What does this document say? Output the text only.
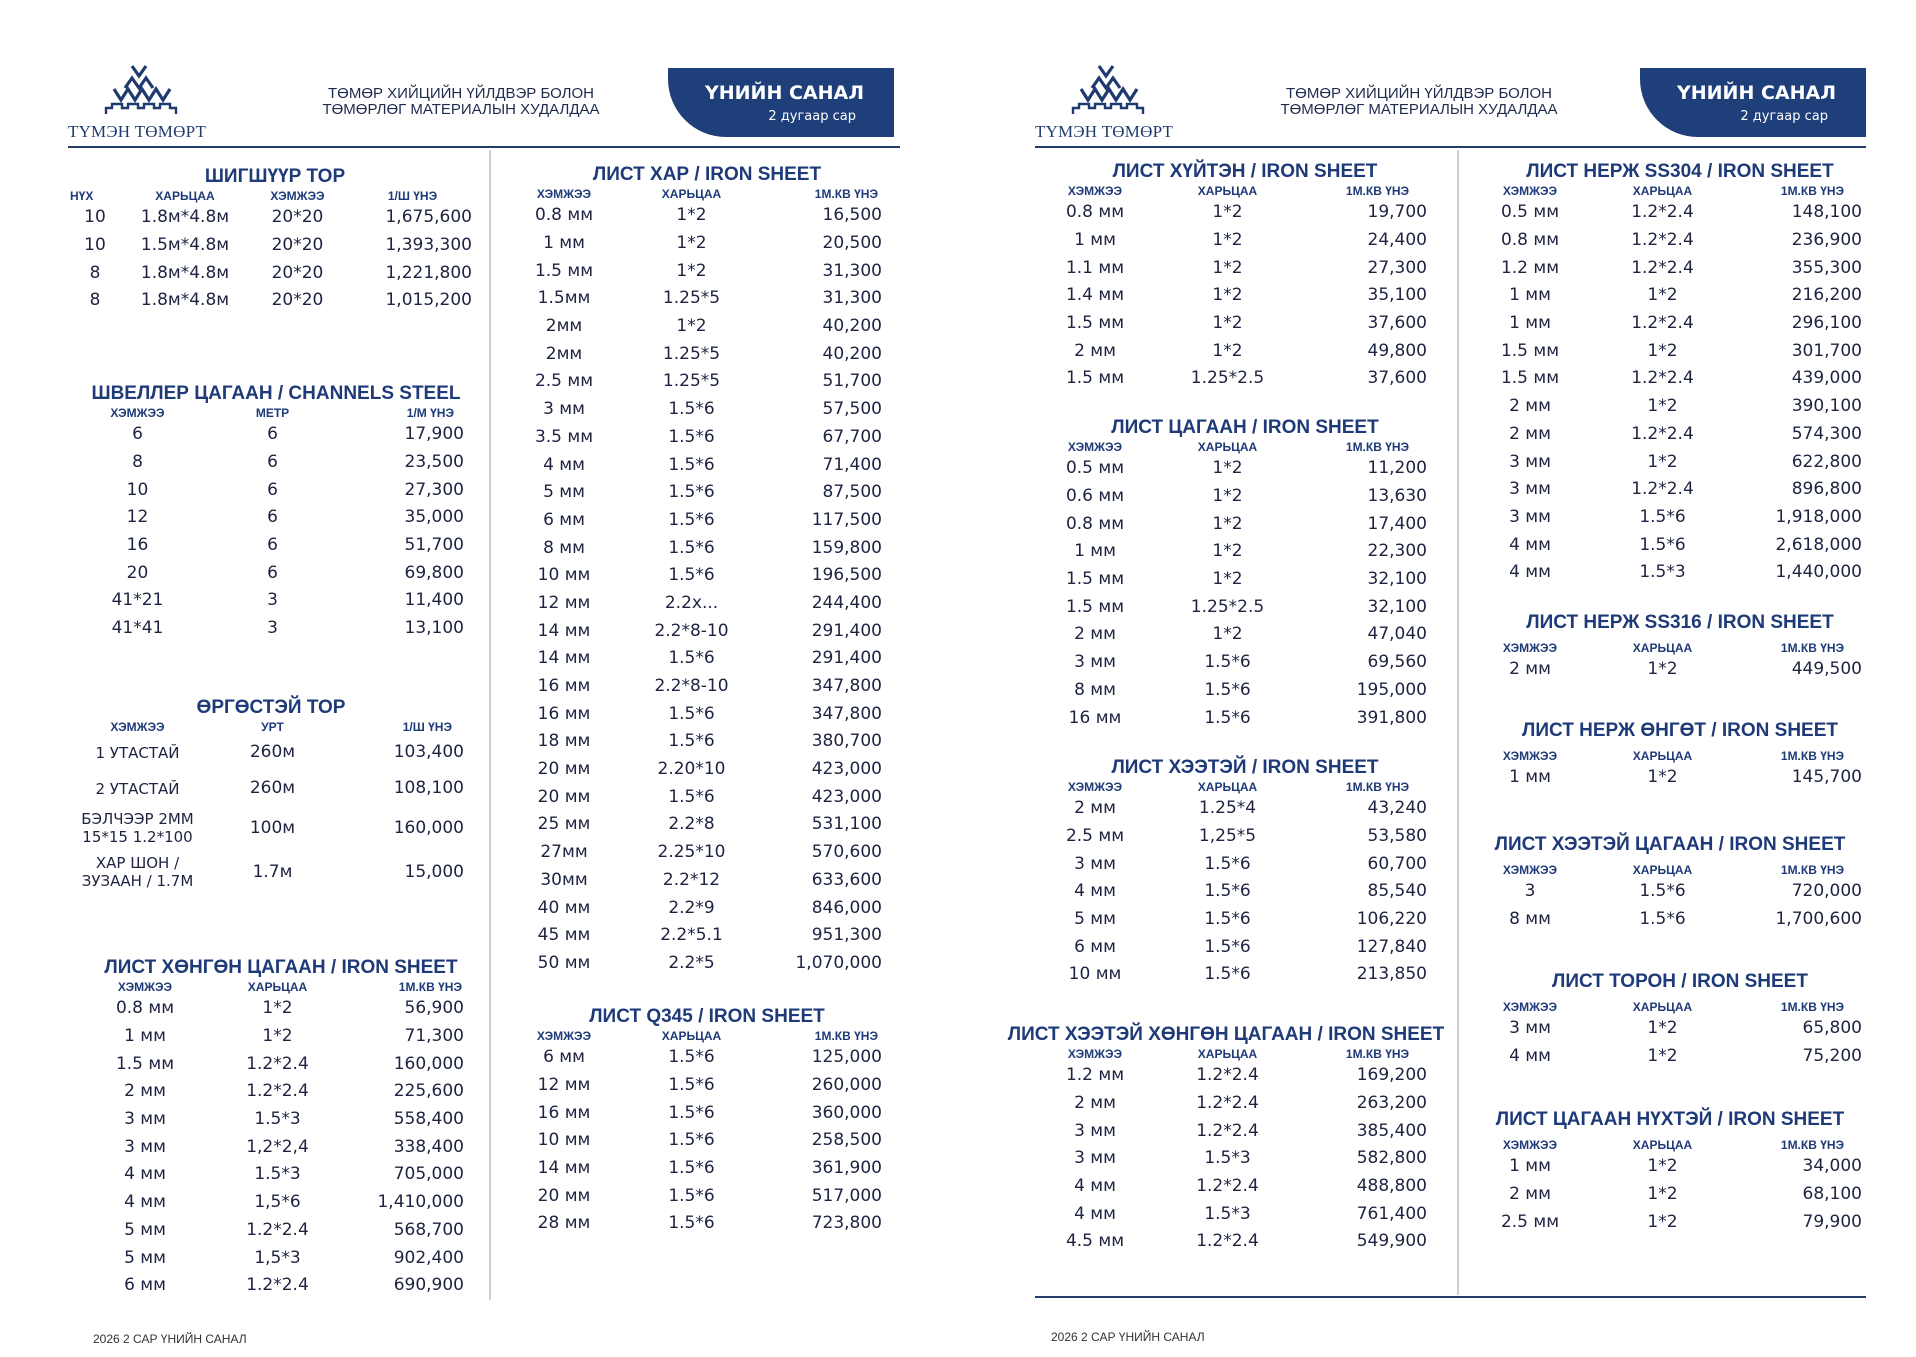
ТҮМЭН ТӨМӨРТ
ТӨМӨР ХИЙЦИЙН ҮЙЛДВЭР БОЛОН
ТӨМӨРЛӨГ МАТЕРИАЛЫН ХУДАЛДАА
ҮНИЙН САНАЛ
2 дугаар сар
ШИГШҮҮР ТОР
НҮХ	ХАРЬЦАА	ХЭМЖЭЭ	1/Ш ҮНЭ
10	1.8м*4.8м	20*20	1,675,600
10	1.5м*4.8м	20*20	1,393,300
8	1.8м*4.8м	20*20	1,221,800
8	1.8м*4.8м	20*20	1,015,200
ШВЕЛЛЕР ЦАГААН / CHANNELS STEEL
ХЭМЖЭЭ	МЕТР	1/М ҮНЭ
6	6	17,900
8	6	23,500
10	6	27,300
12	6	35,000
16	6	51,700
20	6	69,800
41*21	3	11,400
41*41	3	13,100
ӨРГӨСТЭЙ ТОР
ХЭМЖЭЭ	УРТ	1/Ш ҮНЭ
1 УТАСТАЙ	260м	103,400
2 УТАСТАЙ	260м	108,100
БЭЛЧЭЭР 2ММ 15*15 1.2*100	100м	160,000
ХАР ШОН / ЗУЗААН / 1.7М	1.7м	15,000
ЛИСТ ХӨНГӨН ЦАГААН / IRON SHEET
ХЭМЖЭЭ	ХАРЬЦАА	1М.КВ ҮНЭ
0.8 мм	1*2	56,900
1 мм	1*2	71,300
1.5 мм	1.2*2.4	160,000
2 мм	1.2*2.4	225,600
3 мм	1.5*3	558,400
3 мм	1,2*2,4	338,400
4 мм	1.5*3	705,000
4 мм	1,5*6	1,410,000
5 мм	1.2*2.4	568,700
5 мм	1,5*3	902,400
6 мм	1.2*2.4	690,900
ЛИСТ ХАР / IRON SHEET
ХЭМЖЭЭ	ХАРЬЦАА	1М.КВ ҮНЭ
0.8 мм	1*2	16,500
1 мм	1*2	20,500
1.5 мм	1*2	31,300
1.5мм	1.25*5	31,300
2мм	1*2	40,200
2мм	1.25*5	40,200
2.5 мм	1.25*5	51,700
3 мм	1.5*6	57,500
3.5 мм	1.5*6	67,700
4 мм	1.5*6	71,400
5 мм	1.5*6	87,500
6 мм	1.5*6	117,500
8 мм	1.5*6	159,800
10 мм	1.5*6	196,500
12 мм	2.2x...	244,400
14 мм	2.2*8-10	291,400
14 мм	1.5*6	291,400
16 мм	2.2*8-10	347,800
16 мм	1.5*6	347,800
18 мм	1.5*6	380,700
20 мм	2.20*10	423,000
20 мм	1.5*6	423,000
25 мм	2.2*8	531,100
27мм	2.25*10	570,600
30мм	2.2*12	633,600
40 мм	2.2*9	846,000
45 мм	2.2*5.1	951,300
50 мм	2.2*5	1,070,000
ЛИСТ Q345 / IRON SHEET
ХЭМЖЭЭ	ХАРЬЦАА	1М.КВ ҮНЭ
6 мм	1.5*6	125,000
12 мм	1.5*6	260,000
16 мм	1.5*6	360,000
10 мм	1.5*6	258,500
14 мм	1.5*6	361,900
20 мм	1.5*6	517,000
28 мм	1.5*6	723,800
2026 2 САР ҮНИЙН САНАЛ
ТҮМЭН ТӨМӨРТ
ТӨМӨР ХИЙЦИЙН ҮЙЛДВЭР БОЛОН
ТӨМӨРЛӨГ МАТЕРИАЛЫН ХУДАЛДАА
ҮНИЙН САНАЛ
2 дугаар сар
ЛИСТ ХҮЙТЭН / IRON SHEET
ХЭМЖЭЭ	ХАРЬЦАА	1М.КВ ҮНЭ
0.8 мм	1*2	19,700
1 мм	1*2	24,400
1.1 мм	1*2	27,300
1.4 мм	1*2	35,100
1.5 мм	1*2	37,600
2 мм	1*2	49,800
1.5 мм	1.25*2.5	37,600
ЛИСТ ЦАГААН / IRON SHEET
ХЭМЖЭЭ	ХАРЬЦАА	1М.КВ ҮНЭ
0.5 мм	1*2	11,200
0.6 мм	1*2	13,630
0.8 мм	1*2	17,400
1 мм	1*2	22,300
1.5 мм	1*2	32,100
1.5 мм	1.25*2.5	32,100
2 мм	1*2	47,040
3 мм	1.5*6	69,560
8 мм	1.5*6	195,000
16 мм	1.5*6	391,800
ЛИСТ ХЭЭТЭЙ / IRON SHEET
ХЭМЖЭЭ	ХАРЬЦАА	1М.КВ ҮНЭ
2 мм	1.25*4	43,240
2.5 мм	1,25*5	53,580
3 мм	1.5*6	60,700
4 мм	1.5*6	85,540
5 мм	1.5*6	106,220
6 мм	1.5*6	127,840
10 мм	1.5*6	213,850
ЛИСТ ХЭЭТЭЙ ХӨНГӨН ЦАГААН / IRON SHEET
ХЭМЖЭЭ	ХАРЬЦАА	1М.КВ ҮНЭ
1.2 мм	1.2*2.4	169,200
2 мм	1.2*2.4	263,200
3 мм	1.2*2.4	385,400
3 мм	1.5*3	582,800
4 мм	1.2*2.4	488,800
4 мм	1.5*3	761,400
4.5 мм	1.2*2.4	549,900
ЛИСТ НЕРЖ SS304 / IRON SHEET
ХЭМЖЭЭ	ХАРЬЦАА	1М.КВ ҮНЭ
0.5 мм	1.2*2.4	148,100
0.8 мм	1.2*2.4	236,900
1.2 мм	1.2*2.4	355,300
1 мм	1*2	216,200
1 мм	1.2*2.4	296,100
1.5 мм	1*2	301,700
1.5 мм	1.2*2.4	439,000
2 мм	1*2	390,100
2 мм	1.2*2.4	574,300
3 мм	1*2	622,800
3 мм	1.2*2.4	896,800
3 мм	1.5*6	1,918,000
4 мм	1.5*6	2,618,000
4 мм	1.5*3	1,440,000
ЛИСТ НЕРЖ SS316 / IRON SHEET
ХЭМЖЭЭ	ХАРЬЦАА	1М.КВ ҮНЭ
2 мм	1*2	449,500
ЛИСТ НЕРЖ ӨНГӨТ / IRON SHEET
ХЭМЖЭЭ	ХАРЬЦАА	1М.КВ ҮНЭ
1 мм	1*2	145,700
ЛИСТ ХЭЭТЭЙ ЦАГААН / IRON SHEET
ХЭМЖЭЭ	ХАРЬЦАА	1М.КВ ҮНЭ
3	1.5*6	720,000
8 мм	1.5*6	1,700,600
ЛИСТ ТОРОН / IRON SHEET
ХЭМЖЭЭ	ХАРЬЦАА	1М.КВ ҮНЭ
3 мм	1*2	65,800
4 мм	1*2	75,200
ЛИСТ ЦАГААН НҮХТЭЙ / IRON SHEET
ХЭМЖЭЭ	ХАРЬЦАА	1М.КВ ҮНЭ
1 мм	1*2	34,000
2 мм	1*2	68,100
2.5 мм	1*2	79,900
2026 2 САР ҮНИЙН САНАЛ
